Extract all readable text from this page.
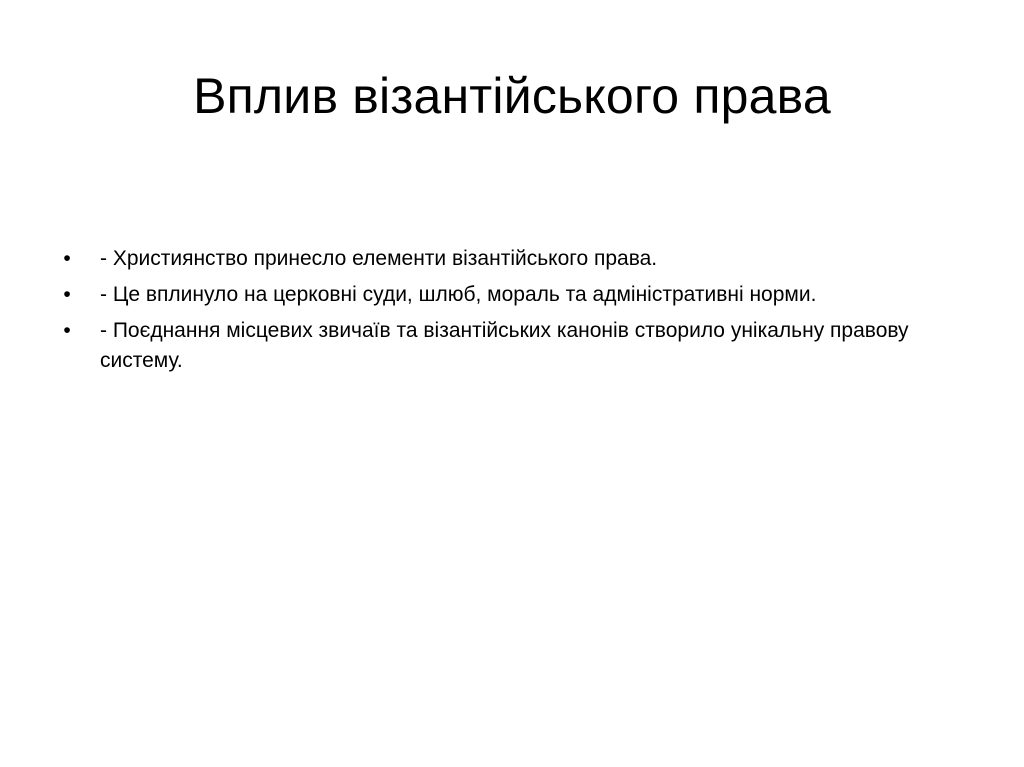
Вплив візантійського права
• - Християнство принесло елементи візантійського права.
• - Це вплинуло на церковні суди, шлюб, мораль та адміністративні норми.
• - Поєднання місцевих звичаїв та візантійських канонів створило унікальну правову систему.
